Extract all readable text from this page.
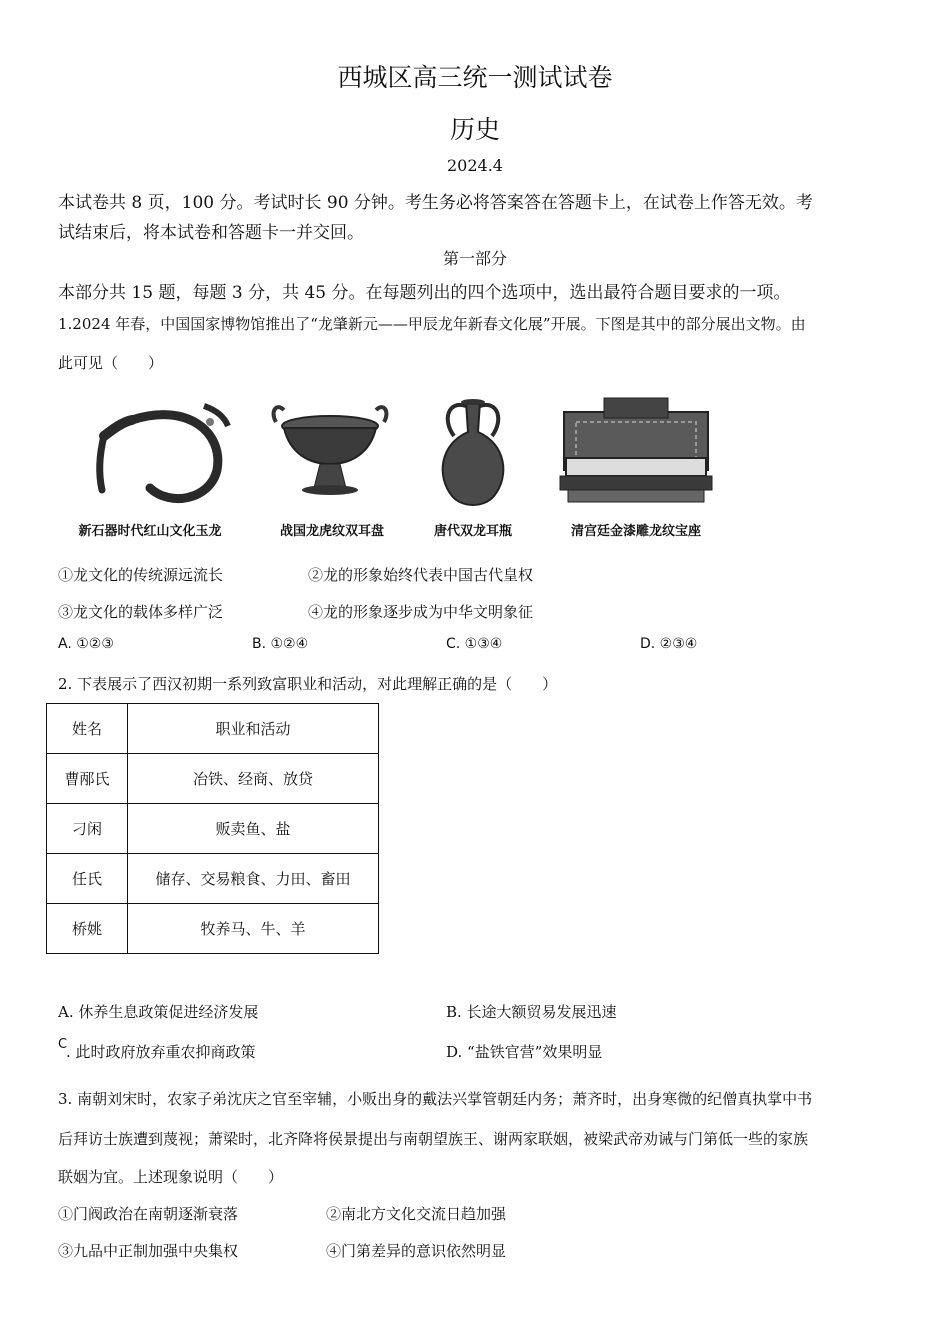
西城区高三统一测试试卷
历史
2024.4
本试卷共 8 页，100 分。考试时长 90 分钟。考生务必将答案答在答题卡上，在试卷上作答无效。考
试结束后，将本试卷和答题卡一并交回。
第一部分
本部分共 15 题，每题 3 分，共 45 分。在每题列出的四个选项中，选出最符合题目要求的一项。
1.2024 年春，中国国家博物馆推出了“龙肇新元——甲辰龙年新春文化展”开展。下图是其中的部分展出文物。由
此可见（　　）
新石器时代红山文化玉龙	战国龙虎纹双耳盘	唐代双龙耳瓶	清宫廷金漆雕龙纹宝座
①龙文化的传统源远流长	②龙的形象始终代表中国古代皇权
③龙文化的载体多样广泛	④龙的形象逐步成为中华文明象征
A. ①②③	B. ①②④	C. ①③④	D. ②③④
2. 下表展示了西汉初期一系列致富职业和活动，对此理解正确的是（　　）
姓名	职业和活动
曹邴氏	冶铁、经商、放贷
刁闲	贩卖鱼、盐
任氏	储存、交易粮食、力田、畜田
桥姚	牧养马、牛、羊
A. 休养生息政策促进经济发展	B. 长途大额贸易发展迅速
C
. 此时政府放弃重农抑商政策	D. “盐铁官营”效果明显
3. 南朝刘宋时，农家子弟沈庆之官至宰辅，小贩出身的戴法兴掌管朝廷内务；萧齐时，出身寒微的纪僧真执掌中书
后拜访士族遭到蔑视；萧梁时，北齐降将侯景提出与南朝望族王、谢两家联姻，被梁武帝劝诫与门第低一些的家族
联姻为宜。上述现象说明（　　）
①门阀政治在南朝逐渐衰落	②南北方文化交流日趋加强
③九品中正制加强中央集权	④门第差异的意识依然明显
